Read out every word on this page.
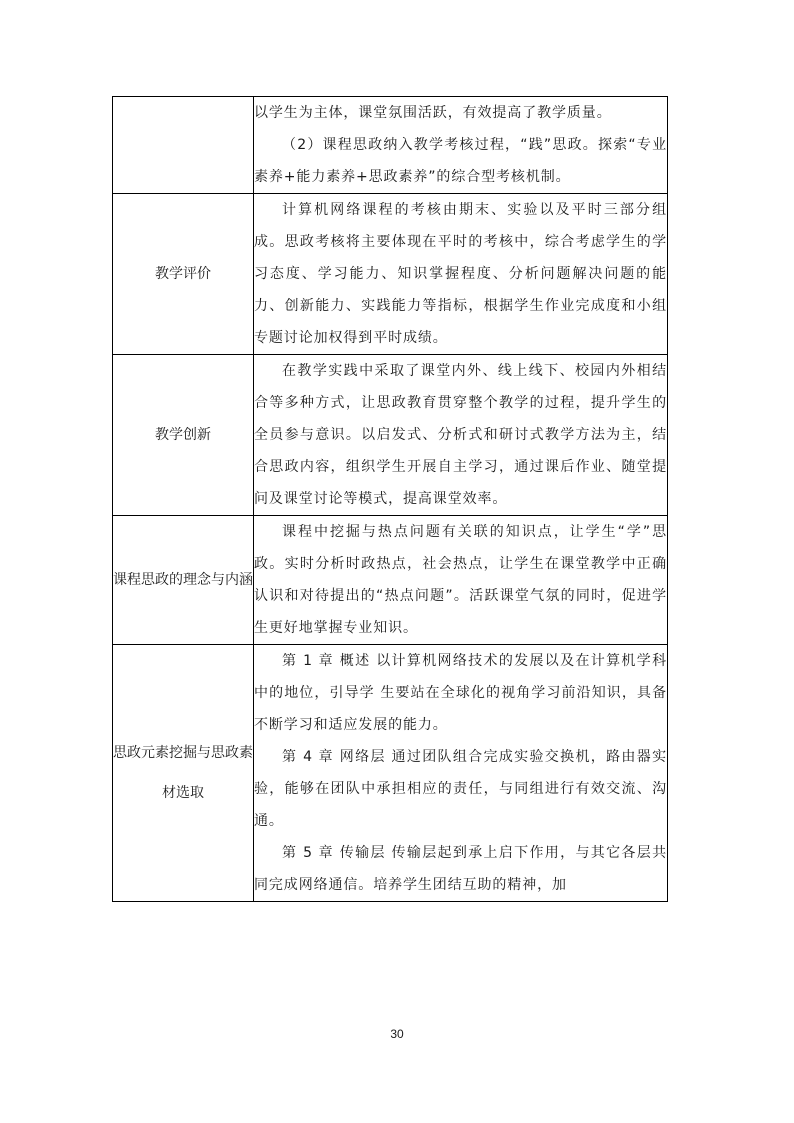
	以学生为主体，课堂氛围活跃，有效提高了教学质量。

（2）课程思政纳入教学考核过程，“践”思政。探索“专业素养+能力素养+思政素养”的综合型考核机制。

教学评价	计算机网络课程的考核由期末、实验以及平时三部分组成。思政考核将主要体现在平时的考核中，综合考虑学生的学习态度、学习能力、知识掌握程度、分析问题解决问题的能力、创新能力、实践能力等指标，根据学生作业完成度和小组专题讨论加权得到平时成绩。

教学创新	在教学实践中采取了课堂内外、线上线下、校园内外相结合等多种方式，让思政教育贯穿整个教学的过程，提升学生的全员参与意识。以启发式、分析式和研讨式教学方法为主，结合思政内容，组织学生开展自主学习，通过课后作业、随堂提问及课堂讨论等模式，提高课堂效率。

课程思政的理念与内涵	课程中挖掘与热点问题有关联的知识点，让学生“学”思政。实时分析时政热点，社会热点，让学生在课堂教学中正确认识和对待提出的“热点问题”。活跃课堂气氛的同时，促进学生更好地掌握专业知识。

思政元素挖掘与思政素材选取	第 1 章 概述 以计算机网络技术的发展以及在计算机学科中的地位，引导学 生要站在全球化的视角学习前沿知识，具备不断学习和适应发展的能力。

第 4 章 网络层 通过团队组合完成实验交换机，路由器实验，能够在团队中承担相应的责任，与同组进行有效交流、沟通。

第 5 章 传输层 传输层起到承上启下作用，与其它各层共同完成网络通信。培养学生团结互助的精神，加

30
